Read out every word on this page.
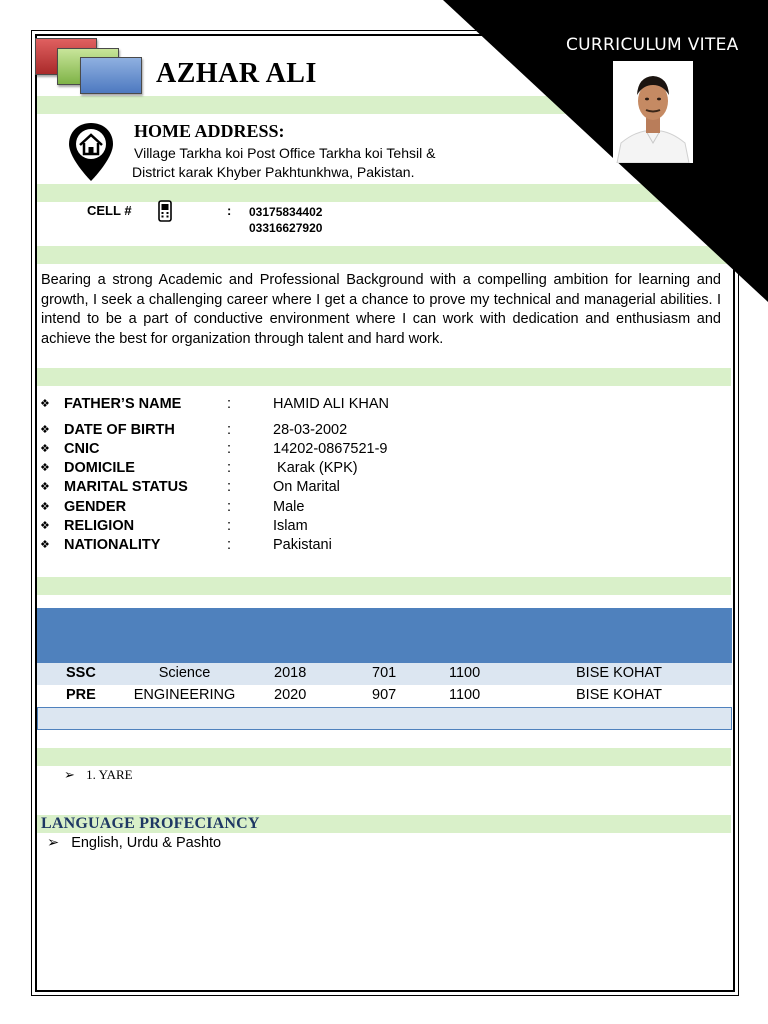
CURRICULUM VITEA
AZHAR ALI
HOME ADDRESS:
Village Tarkha koi Post Office Tarkha koi Tehsil &
District karak Khyber Pakhtunkhwa, Pakistan.
CELL #	: 03175834402
03316627920
Bearing a strong Academic and Professional Background with a compelling ambition for learning and growth, I seek a challenging career where I get a chance to prove my technical and managerial abilities. I intend to be a part of conductive environment where I can work with dedication and enthusiasm and achieve the best for organization through talent and hard work.
❖ FATHER’S NAME	:	HAMID ALI KHAN
❖ DATE OF BIRTH	:	28-03-2002
❖ CNIC	:	14202-0867521-9
❖ DOMICILE	:	Karak (KPK)
❖ MARITAL STATUS	:	On Marital
❖ GENDER	:	Male
❖ RELIGION	:	Islam
❖ NATIONALITY	:	Pakistani
SSC	Science	2018	701	1100	BISE KOHAT
PRE	ENGINEERING	2020	907	1100	BISE KOHAT
➢ 1. YARE
LANGUAGE PROFECIANCY
➢ English, Urdu & Pashto
